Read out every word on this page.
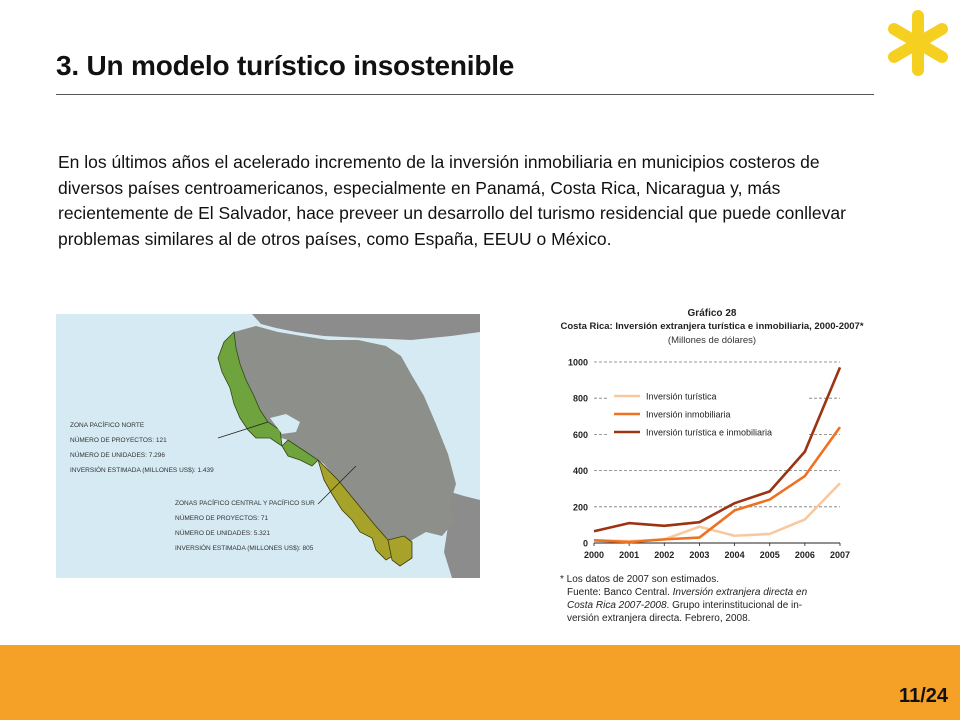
3. Un modelo turístico insostenible

En los últimos años el acelerado incremento de la inversión inmobiliaria en municipios costeros de diversos países centroamericanos, especialmente en Panamá, Costa Rica, Nicaragua y, más recientemente de El Salvador, hace preveer un desarrollo del turismo residencial que puede conllevar problemas similares al de otros países, como España, EEUU o México.

ZONA PACÍFICO NORTE
NÚMERO DE PROYECTOS: 121
NÚMERO DE UNIDADES: 7.296
INVERSIÓN ESTIMADA (MILLONES US$): 1.439
ZONAS PACÍFICO CENTRAL Y PACÍFICO SUR
NÚMERO DE PROYECTOS: 71
NÚMERO DE UNIDADES: 5.321
INVERSIÓN ESTIMADA (MILLONES US$): 805
Gráfico 28
Costa Rica: Inversión extranjera turística e inmobiliaria, 2000-2007*
(Millones de dólares)
0
200
400
600
800
1000
2000 2001 2002 2003 2004 2005 2006 2007
Inversión turística
Inversión inmobiliaria
Inversión turística e inmobiliaria
* Los datos de 2007 son estimados.
Fuente: Banco Central. Inversión extranjera directa en
Costa Rica 2007-2008. Grupo interinstitucional de in-
versión extranjera directa. Febrero, 2008.
11/24
